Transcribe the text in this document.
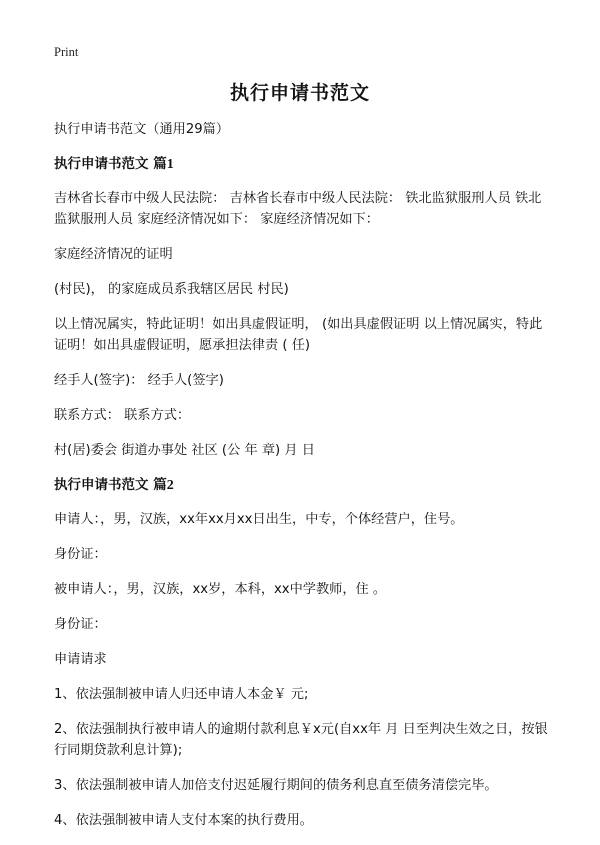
Print
执行申请书范文

执行申请书范文（通用29篇）

执行申请书范文 篇1

吉林省长春市中级人民法院： 吉林省长春市中级人民法院： 铁北监狱服刑人员 铁北监狱服刑人员 家庭经济情况如下： 家庭经济情况如下：

家庭经济情况的证明

(村民)， 的家庭成员系我辖区居民 村民)

以上情况属实，特此证明！如出具虚假证明， (如出具虚假证明 以上情况属实，特此证明！如出具虚假证明，愿承担法律责 ( 任)

经手人(签字)： 经手人(签字)

联系方式： 联系方式：

村(居)委会 街道办事处 社区 (公 年 章) 月 日

执行申请书范文 篇2

申请人：，男，汉族，xx年xx月xx日出生，中专，个体经营户，住号。

身份证：

被申请人：，男，汉族，xx岁，本科，xx中学教师，住 。

身份证：

申请请求

1、依法强制被申请人归还申请人本金￥ 元;

2、依法强制执行被申请人的逾期付款利息￥x元(自xx年 月 日至判决生效之日，按银行同期贷款利息计算);

3、依法强制被申请人加倍支付迟延履行期间的债务利息直至债务清偿完毕。

4、依法强制被申请人支付本案的执行费用。
